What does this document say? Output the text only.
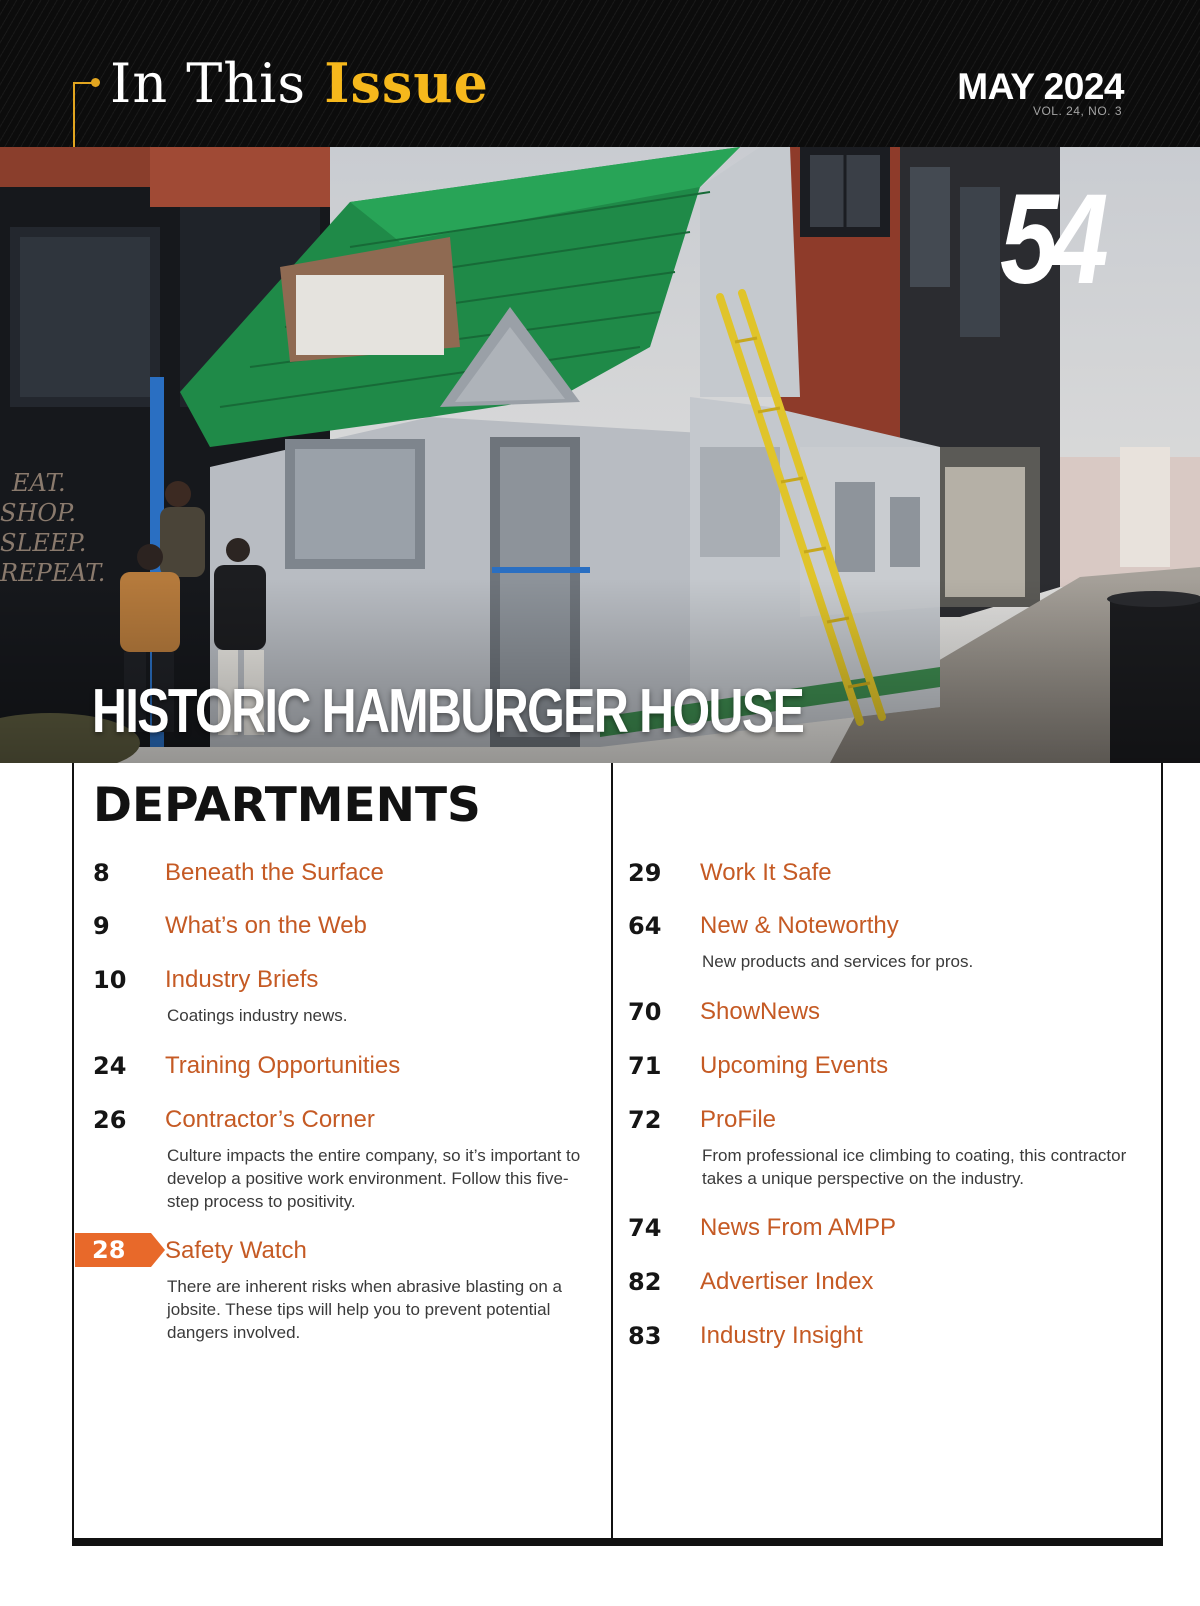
In This Issue	MAY 2024
VOL. 24, NO. 3
54
HISTORIC HAMBURGER HOUSE
DEPARTMENTS
8 Beneath the Surface
9 What’s on the Web
10 Industry Briefs
Coatings industry news.
24 Training Opportunities
26 Contractor’s Corner
Culture impacts the entire company, so it’s important to develop a positive work environment. Follow this five-step process to positivity.
28 Safety Watch
There are inherent risks when abrasive blasting on a jobsite. These tips will help you to prevent potential dangers involved.
29 Work It Safe
64 New & Noteworthy
New products and services for pros.
70 ShowNews
71 Upcoming Events
72 ProFile
From professional ice climbing to coating, this contractor takes a unique perspective on the industry.
74 News From AMPP
82 Advertiser Index
83 Industry Insight
